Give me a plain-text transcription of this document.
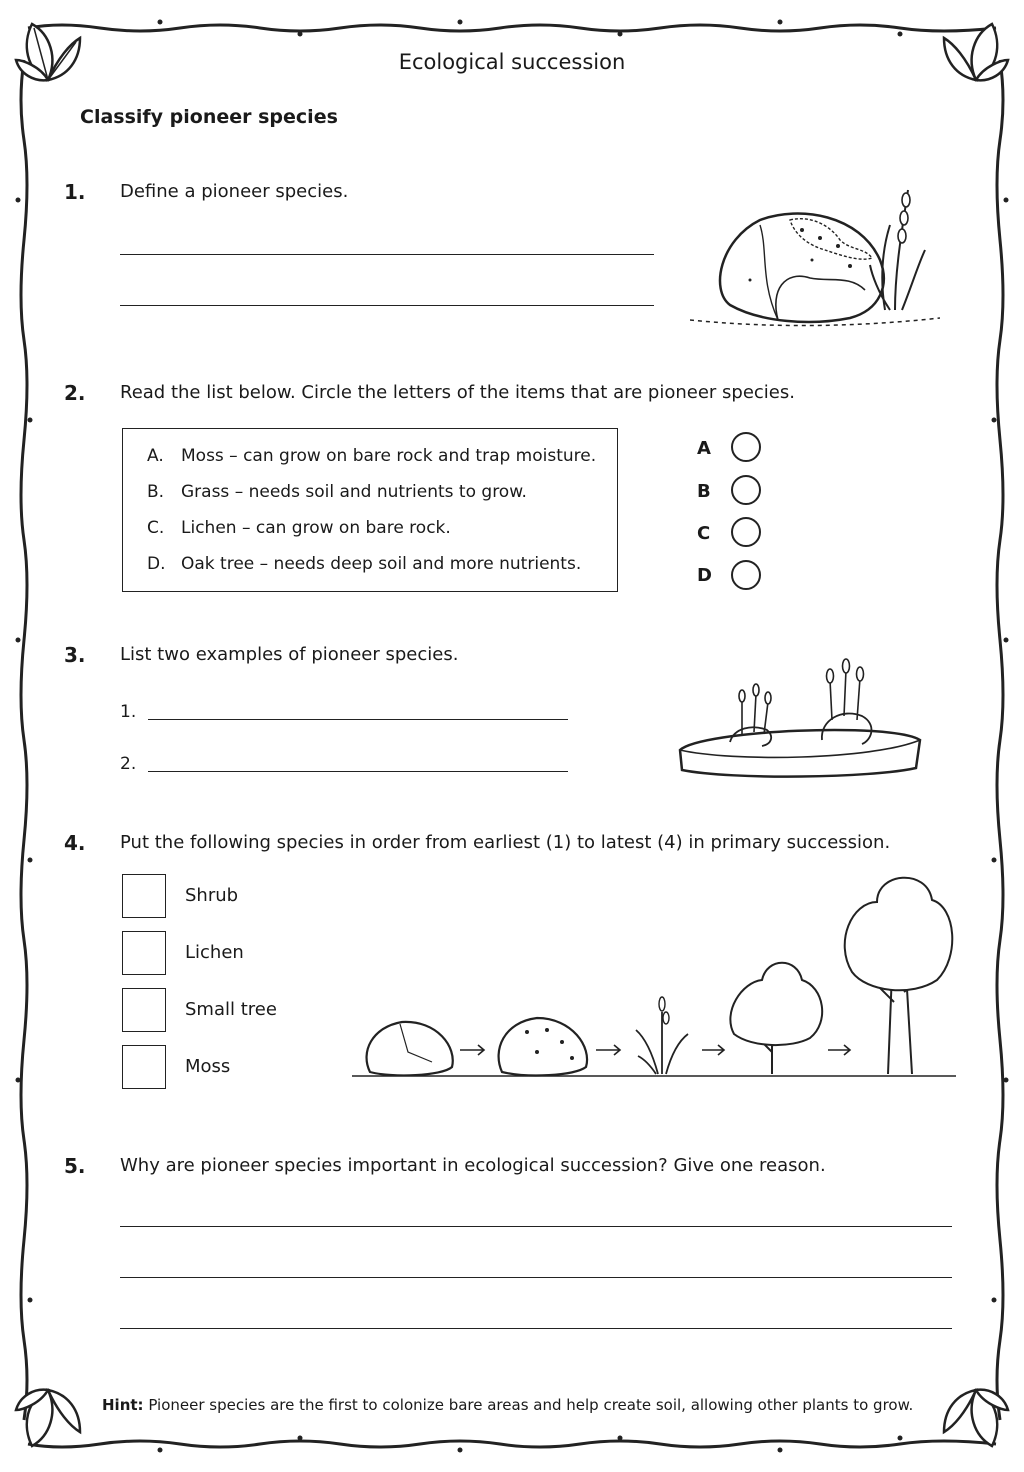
Ecological succession
Classify pioneer species
1. Define a pioneer species.
2. Read the list below. Circle the letters of the items that are pioneer species.
A. Moss – can grow on bare rock and trap moisture.
B. Grass – needs soil and nutrients to grow.
C. Lichen – can grow on bare rock.
D. Oak tree – needs deep soil and more nutrients.
A
B
C
D
3. List two examples of pioneer species.
1.
2.
4. Put the following species in order from earliest (1) to latest (4) in primary succession.
Shrub
Lichen
Small tree
Moss
5. Why are pioneer species important in ecological succession? Give one reason.
Hint: Pioneer species are the first to colonize bare areas and help create soil, allowing other plants to grow.
